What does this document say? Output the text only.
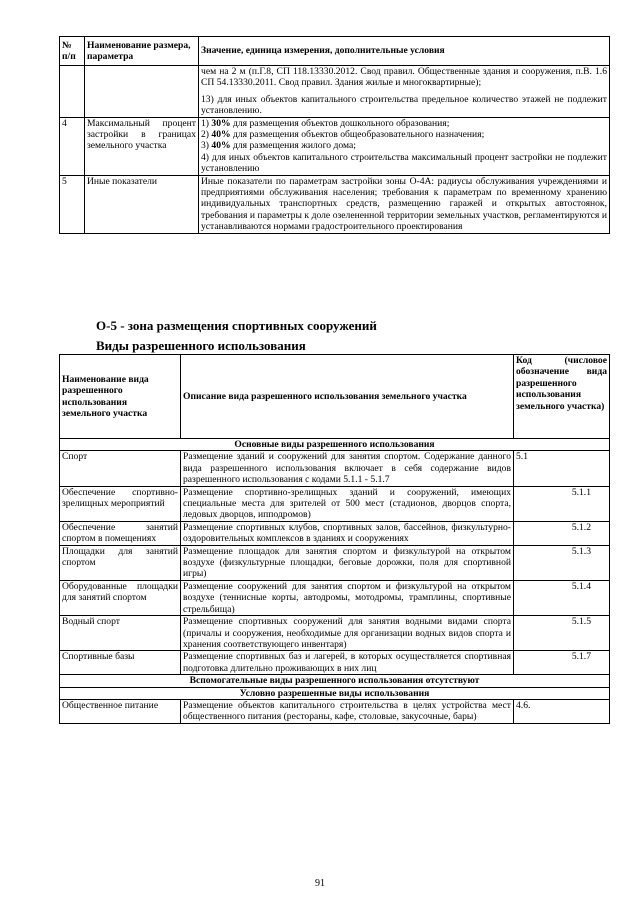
№ п/п	Наименование размера, параметра	Значение, единица измерения, дополнительные условия

		чем на 2 м (п.Г.8, СП 118.13330.2012. Свод правил. Общественные здания и сооружения, п.В. 1.6 СП 54.13330.2011. Свод правил. Здания жилые и многоквартирные);

13) для иных объектов капитального строительства предельное количество этажей не подлежит установлению.

4	Максимальный процент застройки в границах земельного участка	1) 30% для размещения объектов дошкольного образования;

2) 40% для размещения объектов общеобразовательного назначения;

3) 40% для размещения жилого дома;

4) для иных объектов капитального строительства максимальный процент застройки не подлежит установлению

5	Иные показатели	Иные показатели по параметрам застройки зоны О-4А: радиусы обслуживания учреждениями и предприятиями обслуживания населения; требования к параметрам по временному хранению индивидуальных транспортных средств, размещению гаражей и открытых автостоянок, требования и параметры к доле озелененной территории земельных участков, регламентируются и устанавливаются нормами градостроительного проектирования
О-5 - зона размещения спортивных сооружений
Виды разрешенного использования
Наименование вида разрешенного использования земельного участка	Описание вида разрешенного использования земельного участка	Код (числовое обозначение вида разрешенного использования земельного участка)
Основные виды разрешенного использования		
Спорт	Размещение зданий и сооружений для занятия спортом. Содержание данного вида разрешенного использования включает в себя содержание видов разрешенного использования с кодами 5.1.1 - 5.1.7	5.1
Обеспечение спортивно-зрелищных мероприятий	Размещение спортивно-зрелищных зданий и сооружений, имеющих специальные места для зрителей от 500 мест (стадионов, дворцов спорта, ледовых дворцов, ипподромов)	5.1.1
Обеспечение занятий спортом в помещениях	Размещение спортивных клубов, спортивных залов, бассейнов, физкультурно-оздоровительных комплексов в зданиях и сооружениях	5.1.2
Площадки для занятий спортом	Размещение площадок для занятия спортом и физкультурой на открытом воздухе (физкультурные площадки, беговые дорожки, поля для спортивной игры)	5.1.3
Оборудованные площадки для занятий спортом	Размещение сооружений для занятия спортом и физкультурой на открытом воздухе (теннисные корты, автодромы, мотодромы, трамплины, спортивные стрельбища)	5.1.4
Водный спорт	Размещение спортивных сооружений для занятия водными видами спорта (причалы и сооружения, необходимые для организации водных видов спорта и хранения соответствующего инвентаря)	5.1.5
Спортивные базы	Размещение спортивных баз и лагерей, в которых осуществляется спортивная подготовка длительно проживающих в них лиц	5.1.7
Вспомогательные виды разрешенного использования отсутствуют		
Условно разрешенные виды использования		
Общественное питание	Размещение объектов капитального строительства в целях устройства мест общественного питания (рестораны, кафе, столовые, закусочные, бары)	4.6.
91
